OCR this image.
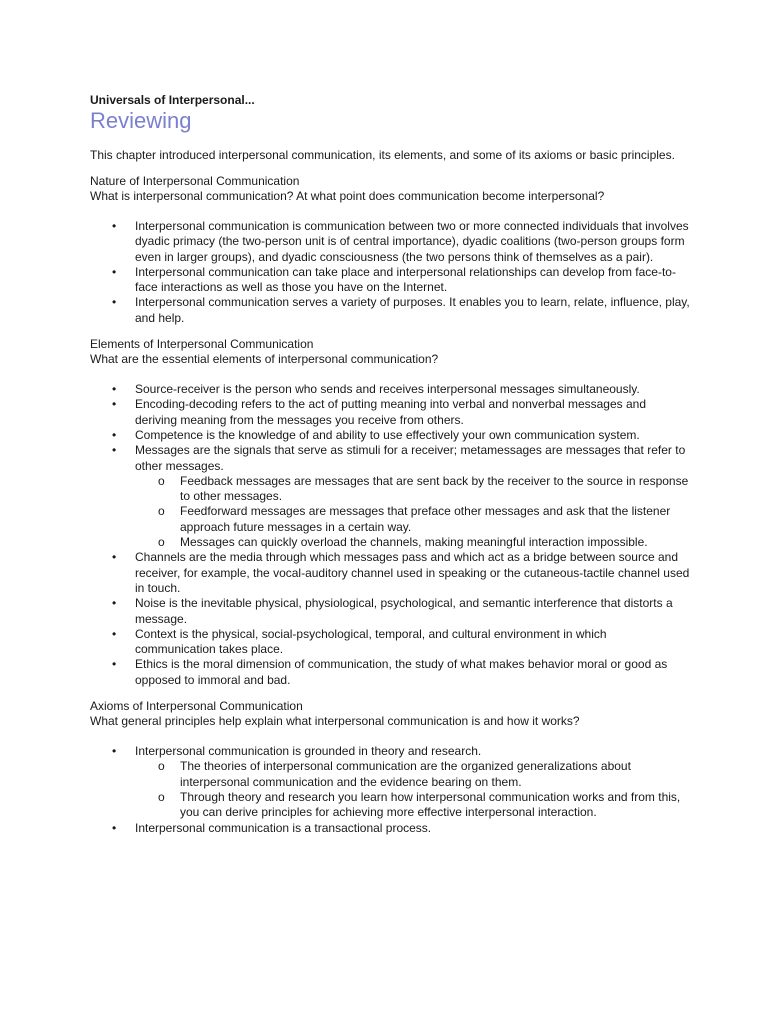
Universals of Interpersonal...
Reviewing

This chapter introduced interpersonal communication, its elements, and some of its axioms or basic principles.

Nature of Interpersonal Communication

What is interpersonal communication? At what point does communication become interpersonal?

• Interpersonal communication is communication between two or more connected individuals that involves dyadic primacy (the two-person unit is of central importance), dyadic coalitions (two-person groups form even in larger groups), and dyadic consciousness (the two persons think of themselves as a pair).
• Interpersonal communication can take place and interpersonal relationships can develop from face-to-face interactions as well as those you have on the Internet.
• Interpersonal communication serves a variety of purposes. It enables you to learn, relate, influence, play, and help.

Elements of Interpersonal Communication

What are the essential elements of interpersonal communication?

• Source-receiver is the person who sends and receives interpersonal messages simultaneously.
• Encoding-decoding refers to the act of putting meaning into verbal and nonverbal messages and deriving meaning from the messages you receive from others.
• Competence is the knowledge of and ability to use effectively your own communication system.
• Messages are the signals that serve as stimuli for a receiver; metamessages are messages that refer to other messages.
o Feedback messages are messages that are sent back by the receiver to the source in response to other messages.
o Feedforward messages are messages that preface other messages and ask that the listener approach future messages in a certain way.
o Messages can quickly overload the channels, making meaningful interaction impossible.
• Channels are the media through which messages pass and which act as a bridge between source and receiver, for example, the vocal-auditory channel used in speaking or the cutaneous-tactile channel used in touch.
• Noise is the inevitable physical, physiological, psychological, and semantic interference that distorts a message.
• Context is the physical, social-psychological, temporal, and cultural environment in which communication takes place.
• Ethics is the moral dimension of communication, the study of what makes behavior moral or good as opposed to immoral and bad.

Axioms of Interpersonal Communication

What general principles help explain what interpersonal communication is and how it works?

• Interpersonal communication is grounded in theory and research.
o The theories of interpersonal communication are the organized generalizations about interpersonal communication and the evidence bearing on them.
o Through theory and research you learn how interpersonal communication works and from this, you can derive principles for achieving more effective interpersonal interaction.
• Interpersonal communication is a transactional process.
